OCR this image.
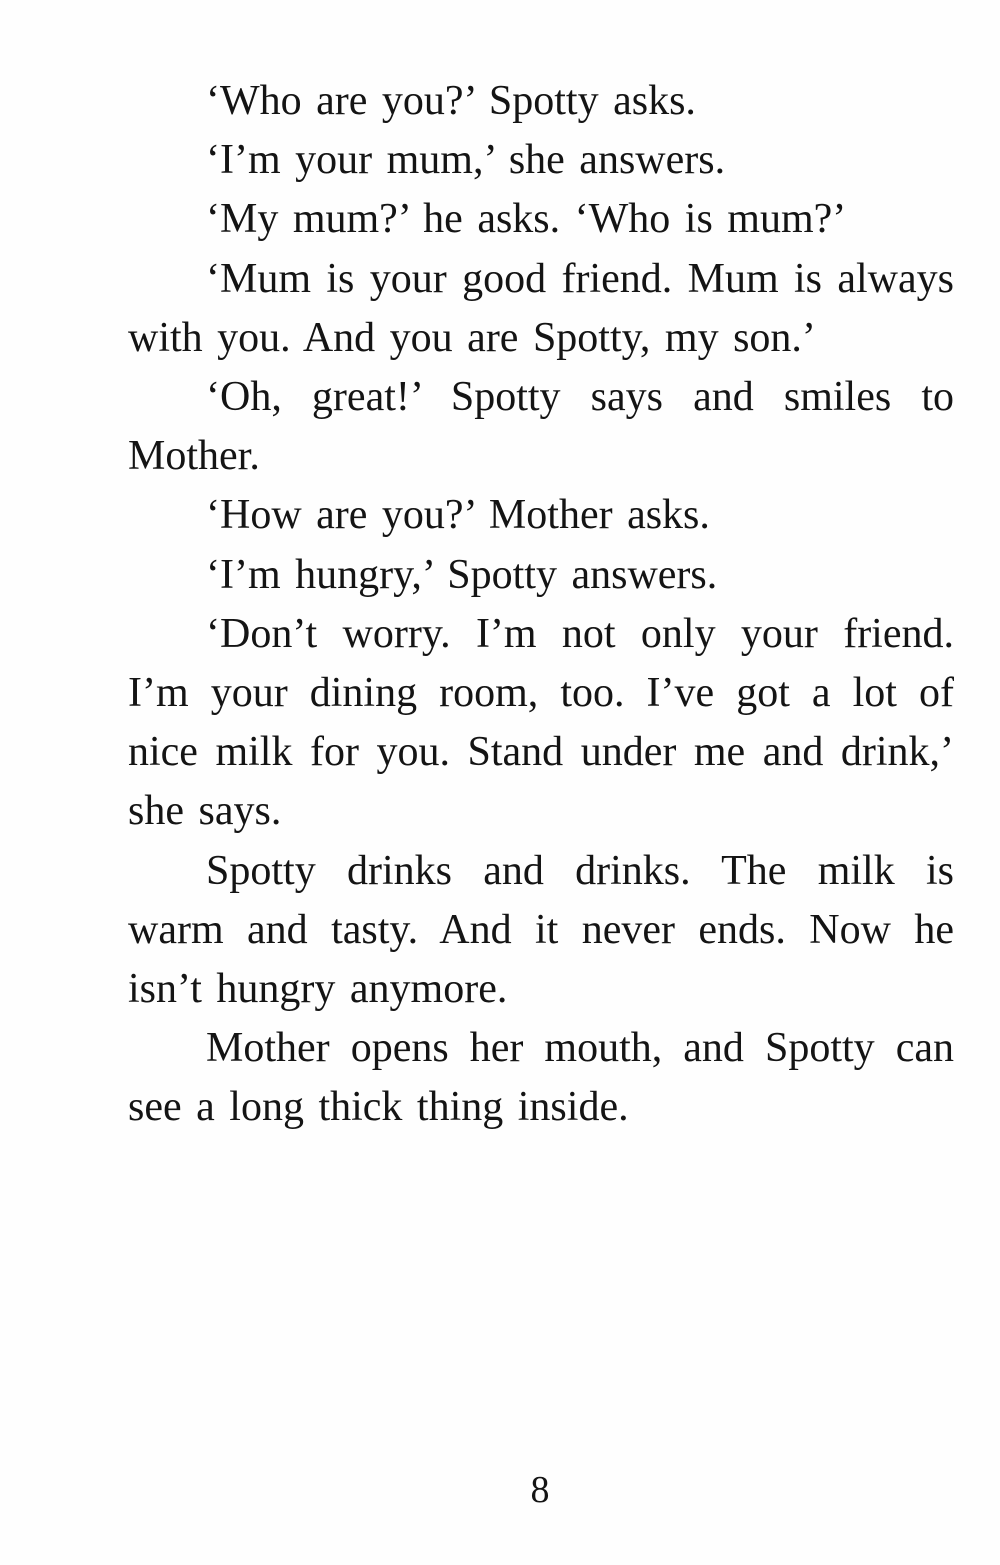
‘Who are you?’ Spotty asks.

‘I’m your mum,’ she answers.

‘My mum?’ he asks. ‘Who is mum?’

‘Mum is your good friend. Mum is always with you. And you are Spotty, my son.’

‘Oh, great!’ Spotty says and smiles to Mother.

‘How are you?’ Mother asks.

‘I’m hungry,’ Spotty answers.

‘Don’t worry. I’m not only your friend. I’m your dining room, too. I’ve got a lot of nice milk for you. Stand under me and drink,’ she says.

Spotty drinks and drinks. The milk is warm and tasty. And it never ends. Now he isn’t hungry anymore.

Mother opens her mouth, and Spotty can see a long thick thing inside.

8
